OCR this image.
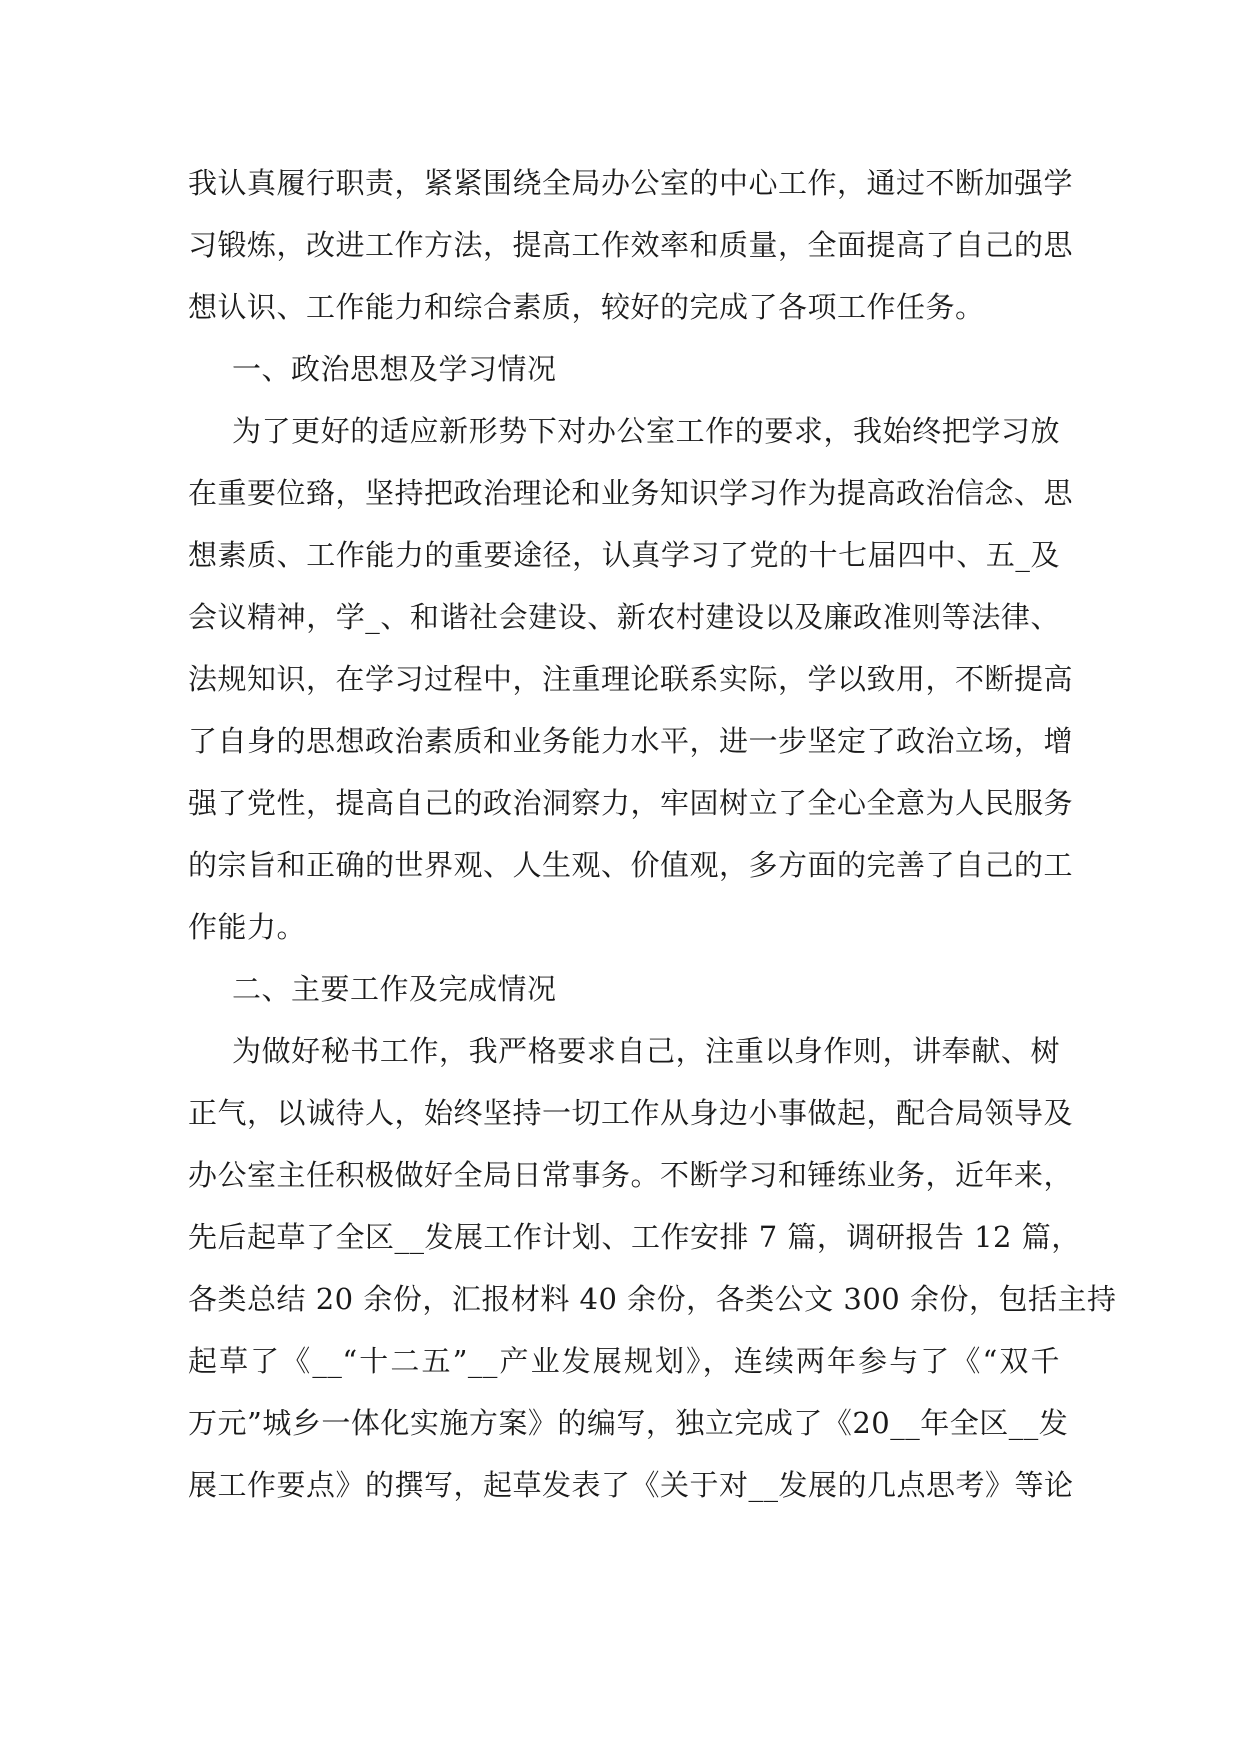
我认真履行职责，紧紧围绕全局办公室的中心工作，通过不断加强学
习锻炼，改进工作方法，提高工作效率和质量，全面提高了自己的思
想认识、工作能力和综合素质，较好的完成了各项工作任务。
一、政治思想及学习情况
为了更好的适应新形势下对办公室工作的要求，我始终把学习放
在重要位臵，坚持把政治理论和业务知识学习作为提高政治信念、思
想素质、工作能力的重要途径，认真学习了党的十七届四中、五_及
会议精神，学_、和谐社会建设、新农村建设以及廉政准则等法律、
法规知识，在学习过程中，注重理论联系实际，学以致用，不断提高
了自身的思想政治素质和业务能力水平，进一步坚定了政治立场，增
强了党性，提高自己的政治洞察力，牢固树立了全心全意为人民服务
的宗旨和正确的世界观、人生观、价值观，多方面的完善了自己的工
作能力。
二、主要工作及完成情况
为做好秘书工作，我严格要求自己，注重以身作则，讲奉献、树
正气，以诚待人，始终坚持一切工作从身边小事做起，配合局领导及
办公室主任积极做好全局日常事务。不断学习和锤练业务，近年来，
先后起草了全区__发展工作计划、工作安排 7 篇，调研报告 12 篇，
各类总结 20 余份，汇报材料 40 余份，各类公文 300 余份，包括主持
起草了《__“十二五”__产业发展规划》，连续两年参与了《“双千
万元”城乡一体化实施方案》的编写，独立完成了《20__年全区__发
展工作要点》的撰写，起草发表了《关于对__发展的几点思考》等论
